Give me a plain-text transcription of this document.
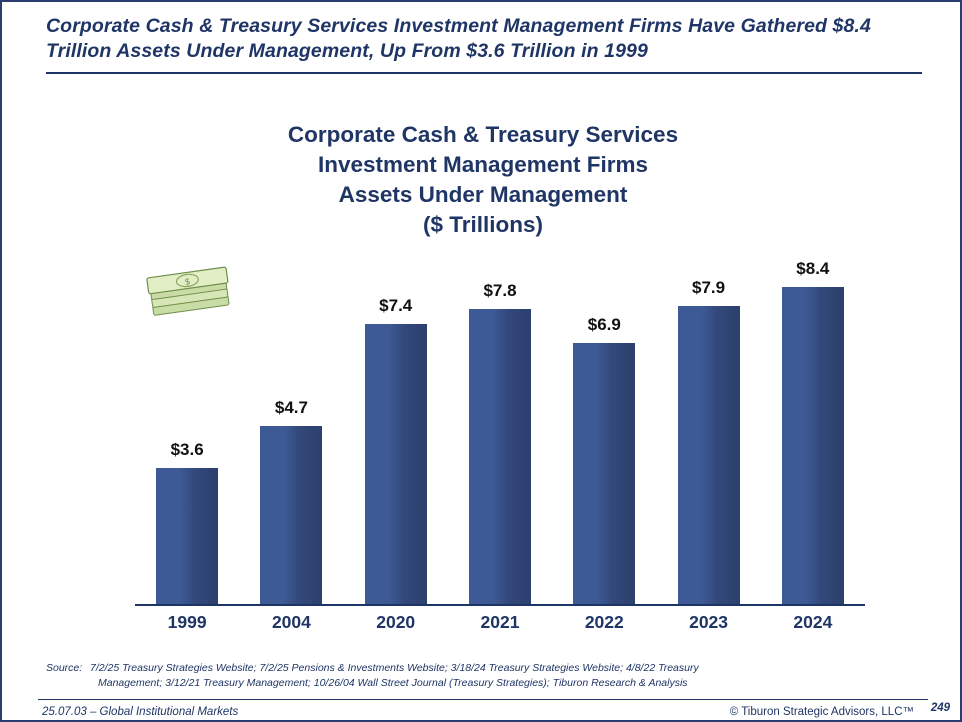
Corporate Cash & Treasury Services Investment Management Firms Have Gathered $8.4 Trillion Assets Under Management, Up From $3.6 Trillion in 1999
Corporate Cash & Treasury Services
Investment Management Firms
Assets Under Management
($ Trillions)
$3.6
$4.7
$7.4
$7.8
$6.9
$7.9
$8.4
1999	2004	2020	2021	2022	2023	2024
$
Source: 7/2/25 Treasury Strategies Website; 7/2/25 Pensions & Investments Website; 3/18/24 Treasury Strategies Website; 4/8/22 Treasury
Management; 3/12/21 Treasury Management; 10/26/04 Wall Street Journal (Treasury Strategies); Tiburon Research & Analysis
25.07.03 – Global Institutional Markets	© Tiburon Strategic Advisors, LLC™ 249
